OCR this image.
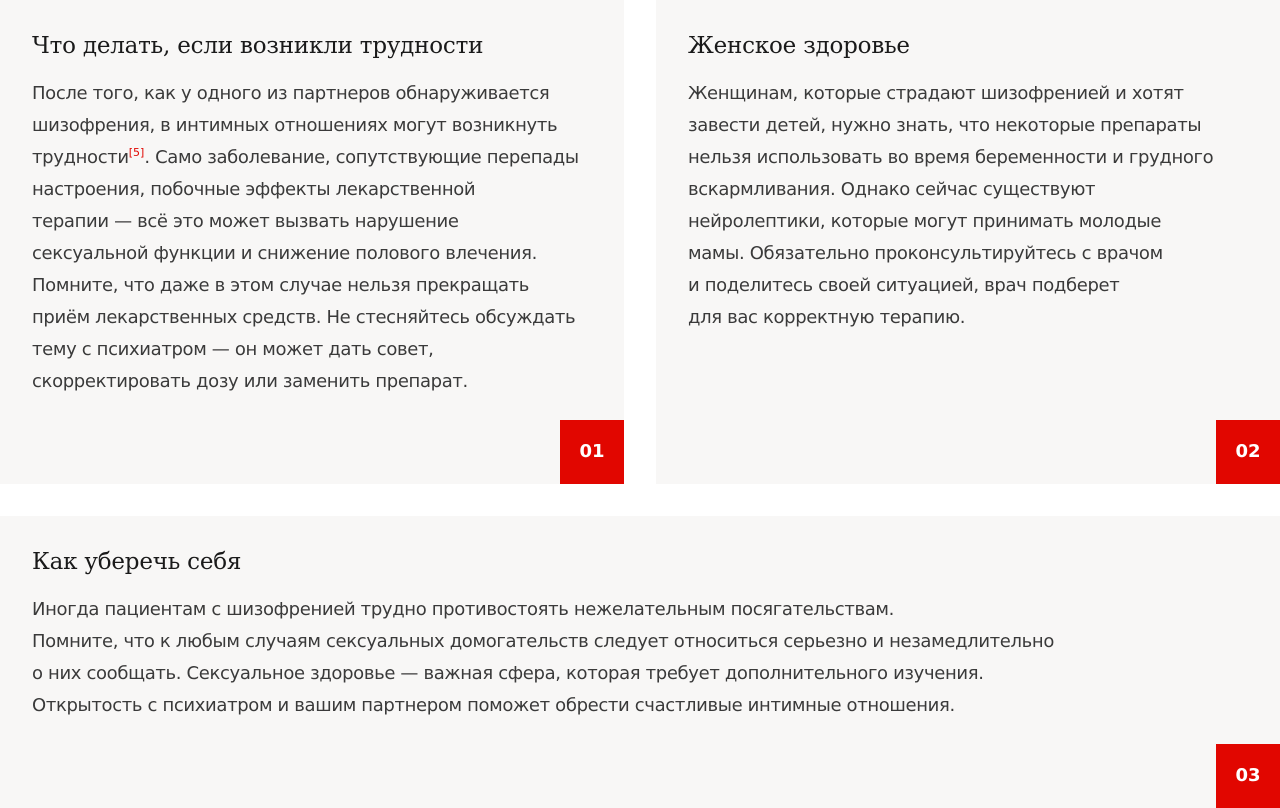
Что делать, если возникли трудности
После того, как у одного из партнеров обнаруживается
шизофрения, в интимных отношениях могут возникнуть
трудности[5]. Само заболевание, сопутствующие перепады
настроения, побочные эффекты лекарственной
терапии — всё это может вызвать нарушение
сексуальной функции и снижение полового влечения.
Помните, что даже в этом случае нельзя прекращать
приём лекарственных средств. Не стесняйтесь обсуждать
тему с психиатром — он может дать совет,
скорректировать дозу или заменить препарат.
01
Женское здоровье
Женщинам, которые страдают шизофренией и хотят
завести детей, нужно знать, что некоторые препараты
нельзя использовать во время беременности и грудного
вскармливания. Однако сейчас существуют
нейролептики, которые могут принимать молодые
мамы. Обязательно проконсультируйтесь с врачом
и поделитесь своей ситуацией, врач подберет
для вас корректную терапию.
02
Как уберечь себя
Иногда пациентам с шизофренией трудно противостоять нежелательным посягательствам.
Помните, что к любым случаям сексуальных домогательств следует относиться серьезно и незамедлительно
о них сообщать. Сексуальное здоровье — важная сфера, которая требует дополнительного изучения.
Открытость с психиатром и вашим партнером поможет обрести счастливые интимные отношения.
03
